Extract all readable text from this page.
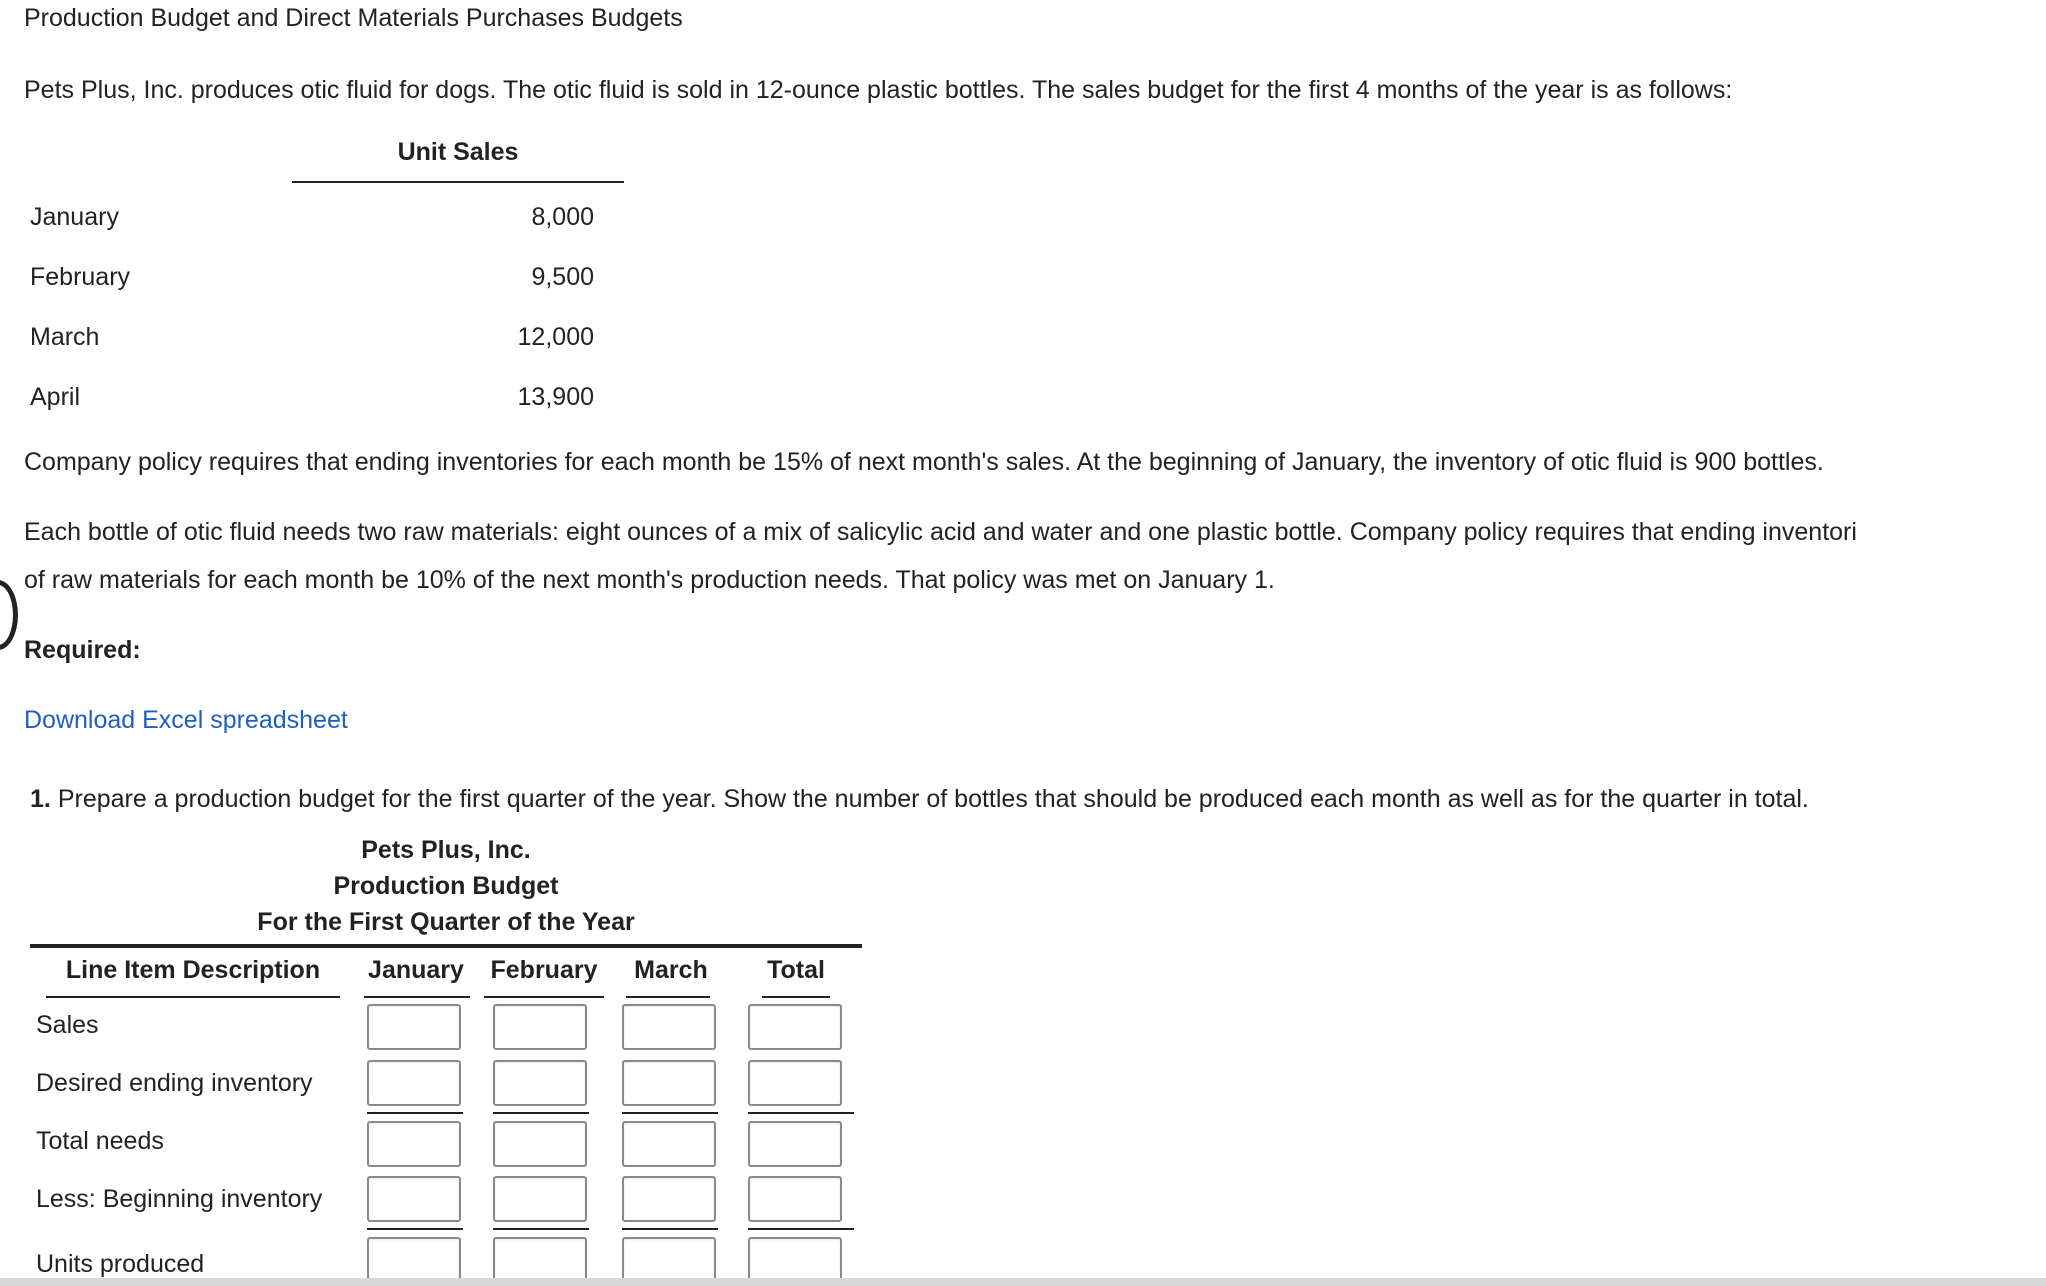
Production Budget and Direct Materials Purchases Budgets
Pets Plus, Inc. produces otic fluid for dogs. The otic fluid is sold in 12-ounce plastic bottles. The sales budget for the first 4 months of the year is as follows:
Unit Sales
January	8,000
February	9,500
March	12,000
April	13,900
Company policy requires that ending inventories for each month be 15% of next month's sales. At the beginning of January, the inventory of otic fluid is 900 bottles.
Each bottle of otic fluid needs two raw materials: eight ounces of a mix of salicylic acid and water and one plastic bottle. Company policy requires that ending inventori
of raw materials for each month be 10% of the next month's production needs. That policy was met on January 1.
Required:
Download Excel spreadsheet
1. Prepare a production budget for the first quarter of the year. Show the number of bottles that should be produced each month as well as for the quarter in total.
Pets Plus, Inc.
Production Budget
For the First Quarter of the Year
Line Item Description	January	February	March	Total
Sales
Desired ending inventory
Total needs
Less: Beginning inventory
Units produced
